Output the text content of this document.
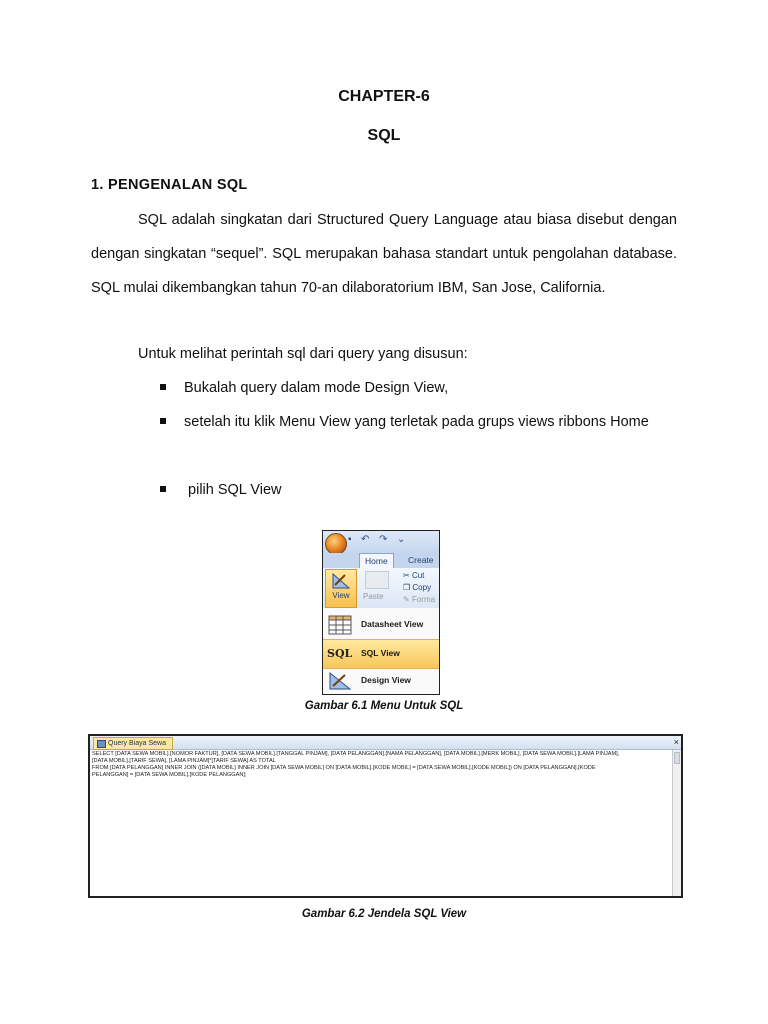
CHAPTER-6
SQL
1. PENGENALAN SQL
SQL adalah singkatan dari Structured Query Language atau biasa disebut dengan dengan singkatan “sequel”. SQL merupakan bahasa standart untuk pengolahan database. SQL mulai dikembangkan tahun 70-an dilaboratorium IBM, San Jose, California.
Untuk melihat perintah sql dari query yang disusun:
Bukalah query dalam mode Design View,
setelah itu klik Menu View yang terletak pada grups views ribbons Home
pilih SQL View
▪ ↶ ↷ ⌄
Home	Create
View	Paste
✂ Cut
❐ Copy
✎ Forma
Datasheet View
SQL SQL View
Design View
Gambar 6.1 Menu Untuk SQL
Query Biaya Sewa	×
SELECT [DATA SEWA MOBIL].[NOMOR FAKTUR], [DATA SEWA MOBIL].[TANGGAL PINJAM], [DATA PELANGGAN].[NAMA PELANGGAN], [DATA MOBIL].[MERK MOBIL], [DATA SEWA MOBIL].[LAMA PINJAM],
[DATA MOBIL].[TARIF SEWA], [LAMA PINJAM]*[TARIF SEWA] AS TOTAL
FROM [DATA PELANGGAN] INNER JOIN ([DATA MOBIL] INNER JOIN [DATA SEWA MOBIL] ON [DATA MOBIL].[KODE MOBIL] = [DATA SEWA MOBIL].[KODE MOBIL]) ON [DATA PELANGGAN].[KODE
PELANGGAN] = [DATA SEWA MOBIL].[KODE PELANGGAN];
Gambar 6.2 Jendela SQL View
